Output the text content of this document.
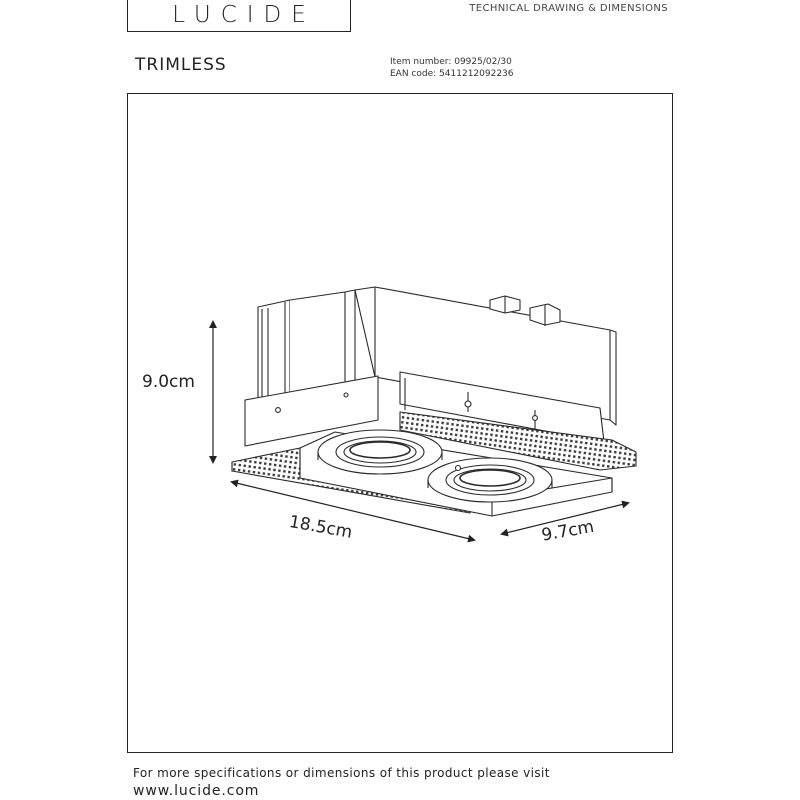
LUCIDE	TECHNICAL DRAWING & DIMENSIONS
TRIMLESS	Item number: 09925/02/30
EAN code: 5411212092236
9.0cm
18.5cm	9.7cm
For more specifications or dimensions of this product please visit
www.lucide.com
